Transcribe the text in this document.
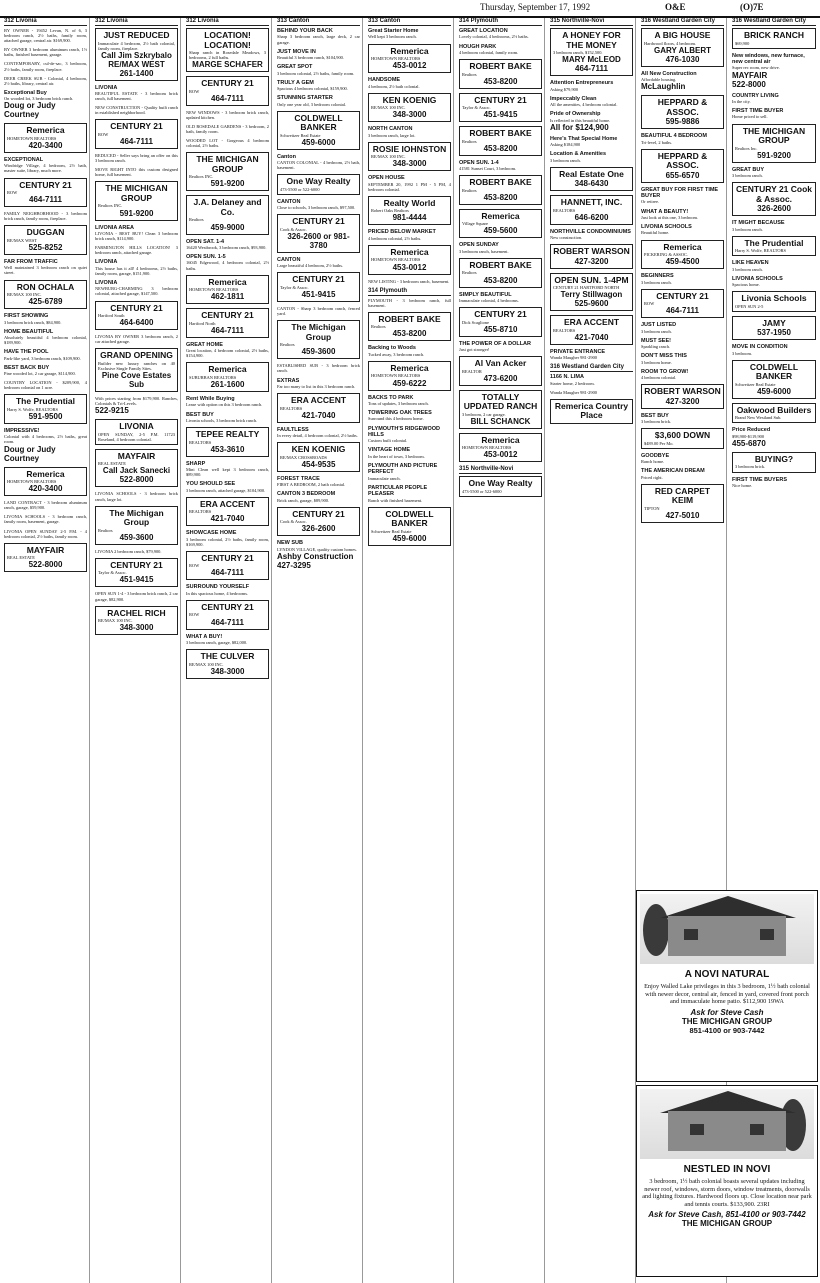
Thursday, September 17, 1992	O&E	(O)7E
312 Livonia
BY OWNER - 19452 Levan, N. of 6, 3 bedroom ranch, 2½ baths, family room, attached garage, central air. $169,900.
BY OWNER 3 bedroom aluminum ranch, 1½ baths, finished basement, garage.
CONTEMPORARY, cul-de-sac, 3 bedroom, 2½ baths, family room, fireplace.
DEER CREEK SUB - Colonial, 4 bedroom, 2½ baths, library, central air.
Exceptional Buy
On wooded lot, 3 bedroom brick ranch.
Doug or Judy Courtney
Remerica
HOMETOWN REALTORS
420-3400
EXCEPTIONAL
Windridge Village, 4 bedroom, 2½ bath, master suite, library, much more.
CENTURY 21
ROW
464-7111
FAMILY NEIGHBORHOOD - 3 bedroom brick ranch, family room, fireplace.
DUGGAN
RE/MAX WEST
525-8252
FAR FROM TRAFFIC
Well maintained 3 bedroom ranch on quiet street.
RON OCHALA
RE/MAX 100 INC.
425-6789
FIRST SHOWING
3 bedroom brick ranch, $84,900.
HOME BEAUTIFUL
Absolutely beautiful 4 bedroom colonial, $189,900.
HAVE THE POOL
Park-like yard, 3 bedroom ranch, $109,900.
BEST BACK BUY
Pine wooded lot, 2 car garage, $114,900.
COUNTRY LOCATION - $209,900, 4 bedroom colonial on 1 acre.
The Prudential
Harry S. Wolfe, REALTORS
591-9500
IMPRESSIVE!
Colonial with 4 bedrooms, 2½ baths, great room.
Doug or Judy Courtney
Remerica
HOMETOWN REALTORS
420-3400
LAND CONTRACT - 3 bedroom aluminum ranch, garage, $59,900.
LIVONIA SCHOOLS - 3 bedroom ranch, family room, basement, garage.
LIVONIA OPEN SUNDAY 2-5 P.M. - 4 bedroom colonial, 2½ baths, family room.
MAYFAIR
REAL ESTATE
522-8000
312 Livonia
JUST REDUCED
Immaculate 4 bedroom, 2½ bath colonial, family room, fireplace.
Call Jim Szkrybalo RE/MAX WEST
261-1400
LIVONIA
BEAUTIFUL ESTATE - 3 bedroom brick ranch, full basement.
NEW CONSTRUCTION - Quality built ranch in established neighborhood.
CENTURY 21
ROW
464-7111
REDUCED - Seller says bring an offer on this 3 bedroom ranch.
MOVE RIGHT INTO this custom designed home, full basement.
THE MICHIGAN GROUP
Realtors INC.
591-9200
LIVONIA AREA
LIVONIA - BEST BUY! Clean 3 bedroom brick ranch, $114,900.
FARMINGTON HILLS LOCATION! 3 bedroom ranch, attached garage.
LIVONIA
This house has it all! 4 bedrooms, 2½ baths, family room, garage, $151,900.
LIVONIA
NEWBURG-CHARMING 3 bedroom colonial, attached garage, $147,500.
CENTURY 21
Hartford South
464-6400
LIVONIA BY OWNER 3 bedroom ranch, 2 car attached garage.
GRAND OPENING
Builder new luxury ranches on 40 Exclusive Single Family Sites.
Pine Cove Estates Sub
With prices starting from $179,900. Ranches, Colonials & Tri-Levels.
522-9215
LIVONIA
OPEN SUNDAY, 2-5 P.M. 11723 Roseland, 4 bedroom colonial.
MAYFAIR
REAL ESTATE
Call Jack Sanecki
522-8000
LIVONIA SCHOOLS - 3 bedroom brick ranch, large lot.
The Michigan Group
Realtors
459-3600
LIVONIA 2 bedroom ranch, $79,900.
CENTURY 21
Taylor & Assoc.
451-9415
OPEN SUN 1-4 - 3 bedroom brick ranch, 2 car garage, $82,900.
RACHEL RICH
RE/MAX 100 INC.
348-3000
312 Livonia
LOCATION! LOCATION!
Sharp ranch in Rosedale Meadows, 3 bedrooms, 2 full baths.
MARGE SCHAFER
CENTURY 21
ROW
464-7111
NEW WINDOWS - 3 bedroom brick ranch, updated kitchen.
OLD ROSEDALE GARDENS - 3 bedroom, 2 bath, family room.
WOODED LOT - Gorgeous 4 bedroom colonial, 2½ baths.
THE MICHIGAN GROUP
Realtors INC.
591-9200
J.A. Delaney and Co.
Realtors
459-9000
OPEN SAT. 1-4
16420 Westbrook, 3 bedroom ranch, $93,900.
OPEN SUN. 1-5
16045 Edgewood, 4 bedroom colonial, 2½ baths.
Remerica
HOMETOWN REALTORS
462-1811
CENTURY 21
Hartford North
464-7111
GREAT HOME
Great location, 4 bedroom colonial, 2½ baths, $154,900.
Remerica
SUBURBAN REALTORS
261-1600
Rent While Buying
Lease with option on this 3 bedroom ranch.
BEST BUY
Livonia schools, 3 bedroom brick ranch.
TEPEE REALTY
REALTORS
453-3610
SHARP
Mini Clean well kept 3 bedroom ranch, $89,900.
YOU SHOULD SEE
3 bedroom ranch, attached garage, $104,900.
ERA ACCENT
REALTORS
421-7040
SHOWCASE HOME
3 bedroom colonial, 2½ baths, family room, $169,900.
CENTURY 21
ROW
464-7111
SURROUND YOURSELF
In this spacious home, 4 bedrooms.
CENTURY 21
ROW
464-7111
WHAT A BUY!
3 bedroom ranch, garage, $82,000.
THE CULVER
RE/MAX 100 INC.
348-3000
313 Canton
BEHIND YOUR BACK
Sharp 3 bedroom ranch, large deck, 2 car garage.
JUST MOVE IN
Beautiful 3 bedroom ranch, $104,900.
GREAT SPOT
3 bedroom colonial, 2½ baths, family room.
TRULY A GEM
Spacious 4 bedroom colonial, $159,900.
STUNNING STARTER
Only one year old, 3 bedroom colonial.
COLDWELL BANKER
Schweitzer Real Estate
459-6000
Canton
CANTON COLONIAL - 4 bedroom, 2½ bath, basement.
One Way Realty
473-5500 or 522-6000
CANTON
Close to schools, 3 bedroom ranch, $97,500.
CENTURY 21
Cook & Assoc.
326-2600 or 981-3780
CANTON
Large beautiful 4 bedroom, 2½ baths.
CENTURY 21
Taylor & Assoc.
451-9415
CANTON - Sharp 3 bedroom ranch, fenced yard.
The Michigan Group
Realtors
459-3600
ESTABLISHED SUB - 3 bedroom brick ranch.
EXTRAS
Far too many to list in this 3 bedroom ranch.
ERA ACCENT
REALTORS
421-7040
FAULTLESS
In every detail, 4 bedroom colonial, 2½ baths.
KEN KOENIG
RE/MAX CROSSROADS
454-9535
FOREST TRACE
FIRST A BEDROOM, 2 bath colonial.
CANTON 3 BEDROOM
Brick ranch, garage, $89,900.
CENTURY 21
Cook & Assoc.
326-2600
NEW SUB
LYNDON VILLAGE, quality custom homes.
Ashby Construction
427-3295
313 Canton
Great Starter Home
Well kept 3 bedroom ranch.
Remerica
HOMETOWN REALTORS
453-0012
HANDSOME
4 bedroom, 2½ bath colonial.
KEN KOENIG
RE/MAX 100 INC.
348-3000
NORTH CANTON
3 bedroom ranch, large lot.
ROSIE IOHNSTON
RE/MAX 100 INC.
348-3000
OPEN HOUSE
SEPTEMBER 20, 1992 1 PM - 5 PM, 4 bedroom colonial.
Realty World
Robert Oaks Realtors
981-4444
PRICED BELOW MARKET
4 bedroom colonial, 2½ baths.
Remerica
HOMETOWN REALTORS
453-0012
NEW LISTING - 3 bedroom ranch, basement.
314 Plymouth
PLYMOUTH - 3 bedroom ranch, full basement.
ROBERT BAKE
Realtors
453-8200
Backing to Woods
Tucked away, 3 bedroom ranch.
Remerica
HOMETOWN REALTORS
459-6222
BACKS TO PARK
Tons of updates, 3 bedroom ranch.
TOWERING OAK TREES
Surround this 4 bedroom home.
PLYMOUTH'S RIDGEWOOD HILLS
Custom built colonial.
VINTAGE HOME
In the heart of town, 3 bedroom.
PLYMOUTH AND PICTURE PERFECT
Immaculate ranch.
PARTICULAR PEOPLE PLEASER
Ranch with finished basement.
COLDWELL BANKER
Schweitzer Real Estate
459-6000
314 Plymouth
GREAT LOCATION
Lovely colonial, 4 bedrooms, 2½ baths.
HOUGH PARK
4 bedroom colonial, family room.
ROBERT BAKE
Realtors
453-8200
CENTURY 21
Taylor & Assoc.
451-9415
ROBERT BAKE
Realtors
453-8200
OPEN SUN. 1-4
41581 Sunset Court, 3 bedroom.
ROBERT BAKE
Realtors
453-8200
Remerica
Village Square
459-5600
OPEN SUNDAY
3 bedroom ranch, basement.
ROBERT BAKE
Realtors
453-8200
SIMPLY BEAUTIFUL
Immaculate colonial, 4 bedrooms.
CENTURY 21
Dick Scaglione
455-8710
THE POWER OF A DOLLAR
Just got stronger!
Al Van Acker
REALTOR
473-6200
TOTALLY UPDATED RANCH
3 bedroom, 2 car garage.
BILL SCHANCK
Remerica
HOMETOWN REALTORS
453-0012
315 Northville-Novi
One Way Realty
473-5500 or 522-6000
315 Northville-Novi
A HONEY FOR THE MONEY
3 bedroom ranch, $152,500.
MARY McLEOD
464-7111
Attention Entrepreneurs
Asking $79,900
Impeccably Clean
All the amenities, 4 bedroom colonial.
Pride of Ownership
Is reflected in this beautiful home.
All for $124,900
Here's That Special Home
Asking $184,900
Location & Amenities
3 bedroom ranch.
Real Estate One
348-6430
HANNETT, INC.
REALTORS
646-6200
NORTHVILLE CONDOMINIUMS
New construction.
ROBERT WARSON
427-3200
OPEN SUN. 1-4PM
CENTURY 21 HARTFORD NORTH
Terry Stillwagon
525-9600
ERA ACCENT
REALTORS
421-7040
PRIVATE ENTRANCE
Wanda Maugher 981-2900
316 Westland Garden City
1166 N. LIMA
Starter home, 2 bedroom.
Wanda Maugher 981-2900
Remerica Country Place
316 Westland Garden City
A BIG HOUSE
Hardwood floors, 4 bedroom.
GARY ALBERT
476-1030
All New Construction
Affordable housing.
McLaughlin
HEPPARD & ASSOC.
595-9886
BEAUTIFUL 4 BEDROOM
Tri-level, 2 baths.
HEPPARD & ASSOC.
655-6570
GREAT BUY FOR FIRST TIME BUYER
Or retiree.
WHAT A BEAUTY!
Just look at this one, 3 bedroom.
LIVONIA SCHOOLS
Beautiful home.
Remerica
PICKERING & ASSOC.
459-4500
BEGINNERS
3 bedroom ranch.
CENTURY 21
ROW
464-7111
JUST LISTED
3 bedroom ranch.
MUST SEE!
Sparkling ranch.
DON'T MISS THIS
3 bedroom home.
ROOM TO GROW!
4 bedroom colonial.
ROBERT WARSON
427-3200
BEST BUY
3 bedroom brick.
$3,600 DOWN
$489.00 Per Mo.
GOODBYE
Ranch home.
THE AMERICAN DREAM
Priced right.
RED CARPET KEIM
TIPTON
427-5010
316 Westland Garden City
BRICK RANCH
$69,900
New windows, new furnace, new central air
Super rec room, new drive.
MAYFAIR
522-8000
COUNTRY LIVING
In the city.
FIRST TIME BUYER
Home priced to sell.
THE MICHIGAN GROUP
Realtors Inc.
591-9200
GREAT BUY
3 bedroom ranch.
CENTURY 21 Cook & Assoc.
326-2600
IT MIGHT BECAUSE
3 bedroom ranch.
The Prudential
Harry S. Wolfe, REALTORS
LIKE HEAVEN
3 bedroom ranch.
LIVONIA SCHOOLS
Spacious home.
Livonia Schools
OPEN SUN 2-5
JAMY
537-1950
MOVE IN CONDITION
3 bedroom.
COLDWELL BANKER
Schweitzer Real Estate
459-6000
Oakwood Builders
Brand New Westland Sub.
Price Reduced
$98,900-$119,900
455-6870
BUYING?
3 bedroom brick.
FIRST TIME BUYERS
Nice home.
A NOVI NATURAL
Enjoy Walled Lake privileges in this 3 bedroom, 1½ bath colonial with newer decor, central air, fenced in yard, covered front porch and immaculate home patio. $112,900 19WA
Ask for Steve Cash
THE MICHIGAN GROUP
851-4100 or 903-7442
NESTLED IN NOVI
3 bedroom, 1½ bath colonial boasts several updates including newer roof, windows, storm doors, window treatments, doorwalls and lighting fixtures. Hardwood floors up. Close location near park and tennis courts. $133,900. 23RI
Ask for Steve Cash, 851-4100 or 903-7442
THE MICHIGAN GROUP
